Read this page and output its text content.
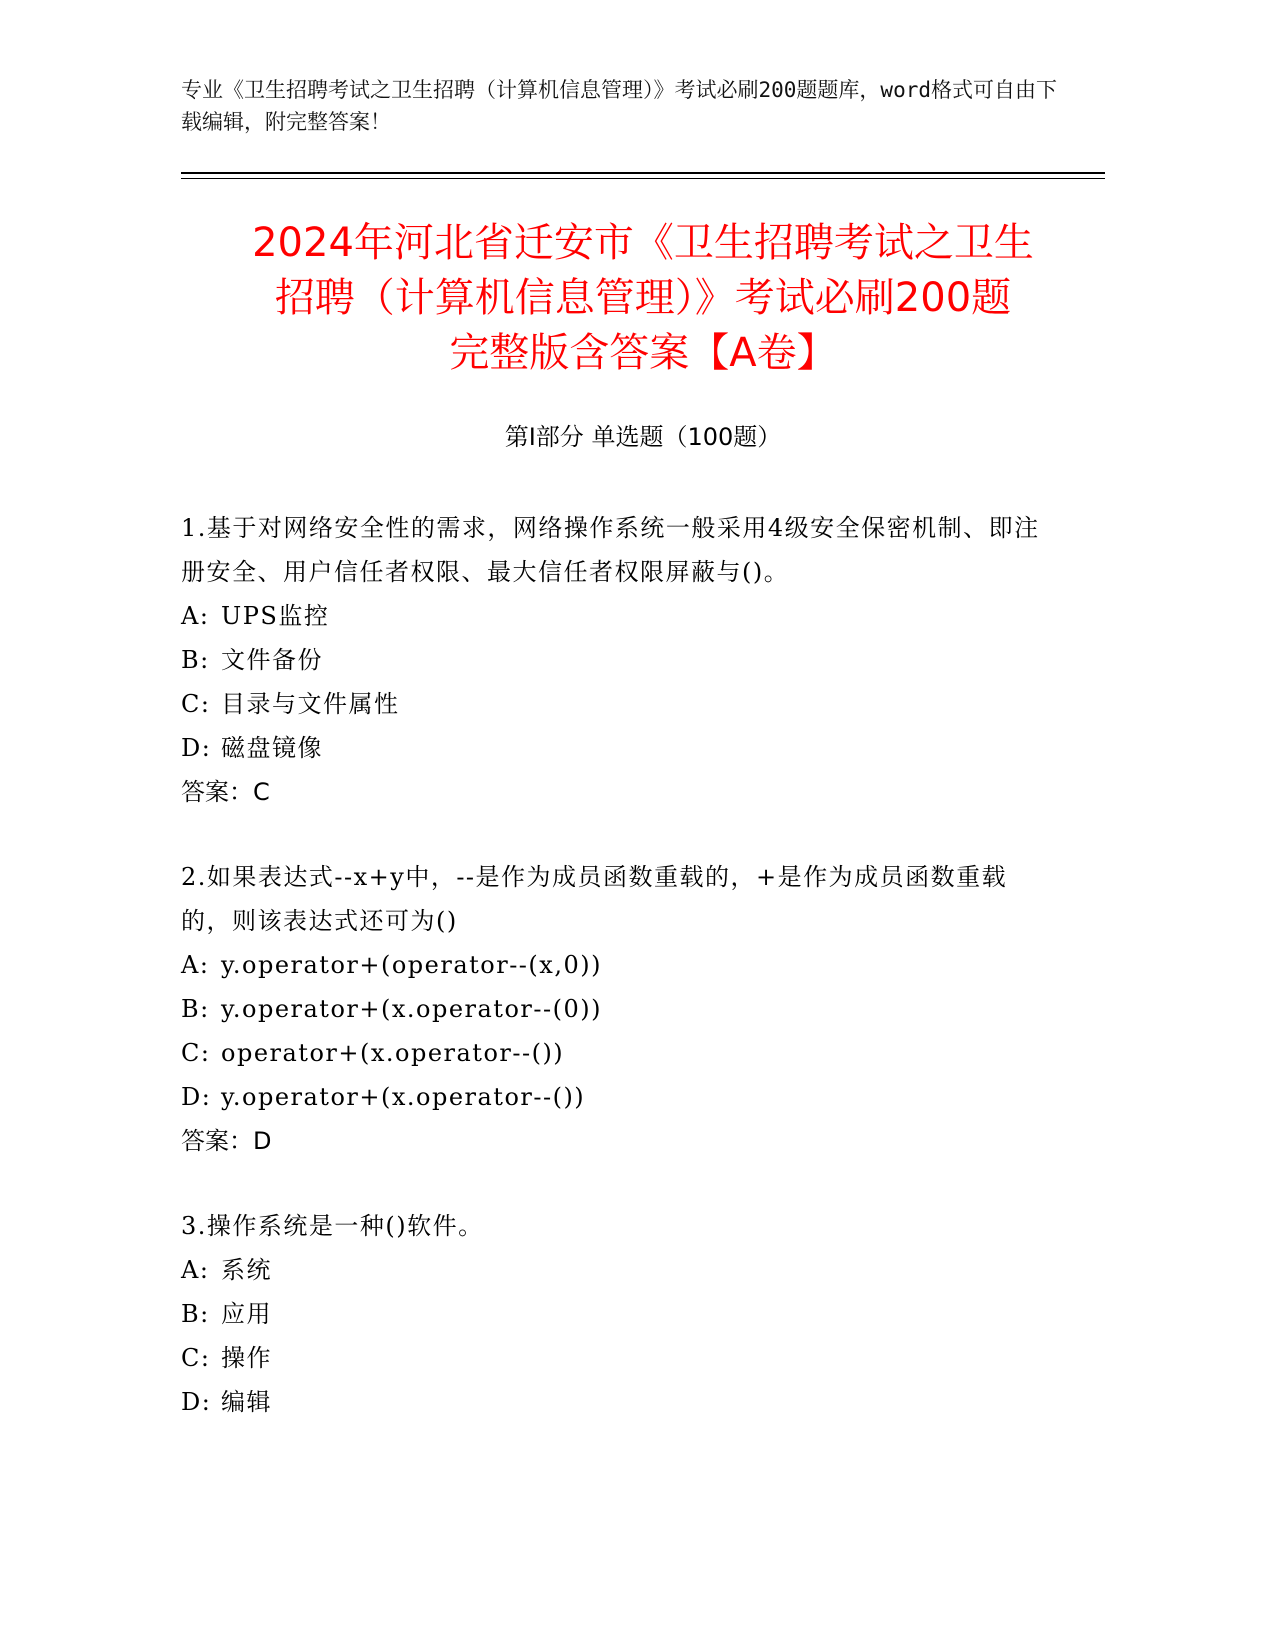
专业《卫生招聘考试之卫生招聘（计算机信息管理）》考试必刷200题题库，word格式可自由下载编辑，附完整答案！
2024年河北省迁安市《卫生招聘考试之卫生
招聘（计算机信息管理）》考试必刷200题
完整版含答案【A卷】
第Ⅰ部分 单选题（100题）
1.基于对网络安全性的需求，网络操作系统一般采用4级安全保密机制、即注册安全、用户信任者权限、最大信任者权限屏蔽与()。
A: UPS监控
B: 文件备份
C: 目录与文件属性
D: 磁盘镜像
答案：C
2.如果表达式--x+y中，--是作为成员函数重载的，+是作为成员函数重载的，则该表达式还可为()
A: y.operator+(operator--(x,0))
B: y.operator+(x.operator--(0))
C: operator+(x.operator--())
D: y.operator+(x.operator--())
答案：D
3.操作系统是一种()软件。
A: 系统
B: 应用
C: 操作
D: 编辑
